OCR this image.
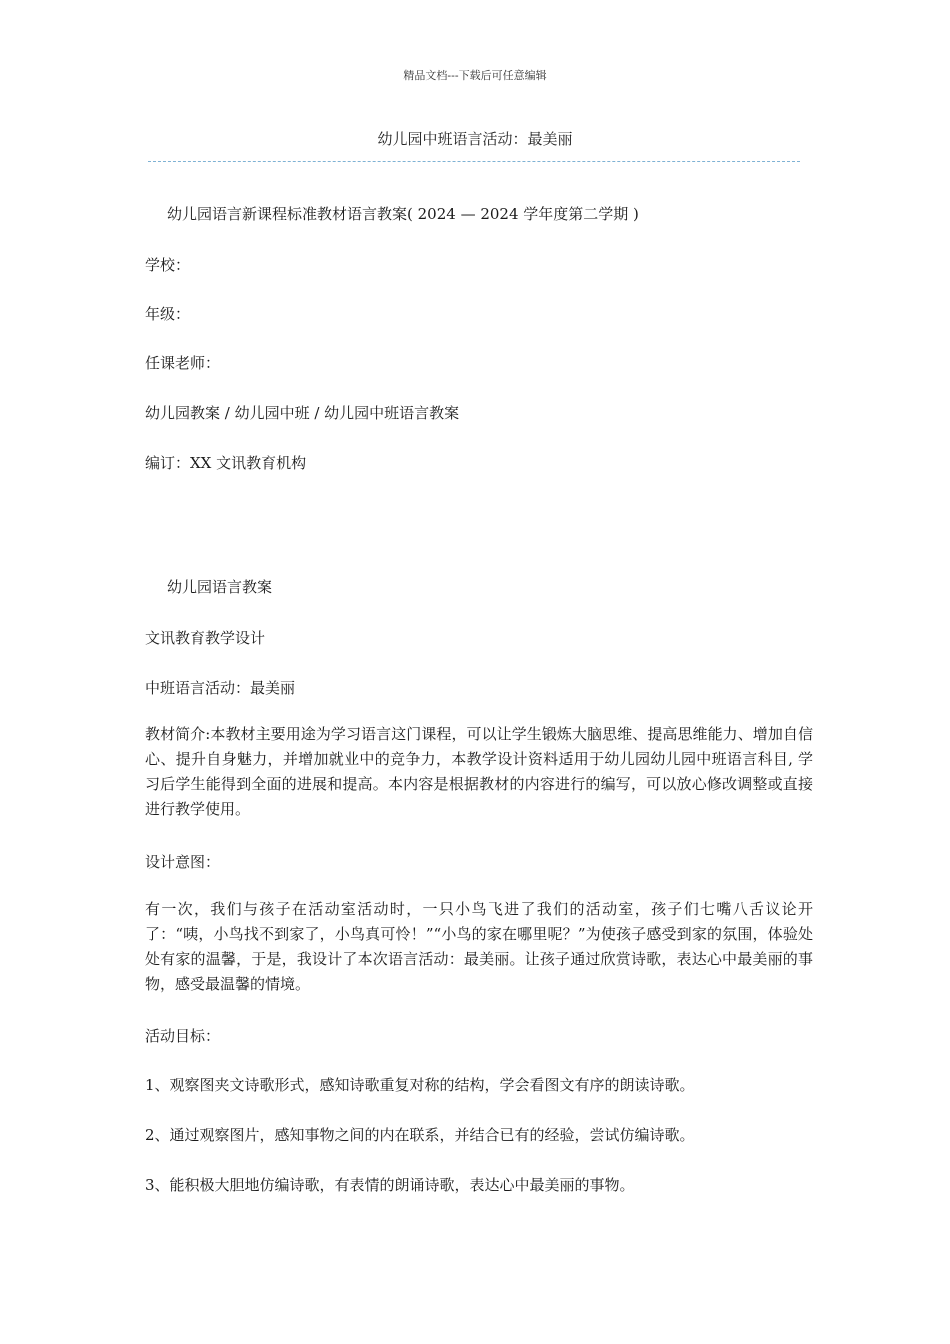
精品文档---下载后可任意编辑
幼儿园中班语言活动：最美丽
幼儿园语言新课程标准教材语言教案( 2024 — 2024 学年度第二学期 )
学校：
年级：
任课老师：
幼儿园教案 / 幼儿园中班 / 幼儿园中班语言教案
编订：XX 文讯教育机构
幼儿园语言教案
文讯教育教学设计
中班语言活动：最美丽
教材简介:本教材主要用途为学习语言这门课程，可以让学生锻炼大脑思维、提高思维能力、增加自信心、提升自身魅力，并增加就业中的竞争力，本教学设计资料适用于幼儿园幼儿园中班语言科目, 学习后学生能得到全面的进展和提高。本内容是根据教材的内容进行的编写，可以放心修改调整或直接进行教学使用。
设计意图：
有一次，我们与孩子在活动室活动时，一只小鸟飞进了我们的活动室，孩子们七嘴八舌议论开了：“咦，小鸟找不到家了，小鸟真可怜！”“小鸟的家在哪里呢？”为使孩子感受到家的氛围，体验处处有家的温馨，于是，我设计了本次语言活动：最美丽。让孩子通过欣赏诗歌，表达心中最美丽的事物，感受最温馨的情境。
活动目标：
1、观察图夹文诗歌形式，感知诗歌重复对称的结构，学会看图文有序的朗读诗歌。
2、通过观察图片，感知事物之间的内在联系，并结合已有的经验，尝试仿编诗歌。
3、能积极大胆地仿编诗歌，有表情的朗诵诗歌，表达心中最美丽的事物。
